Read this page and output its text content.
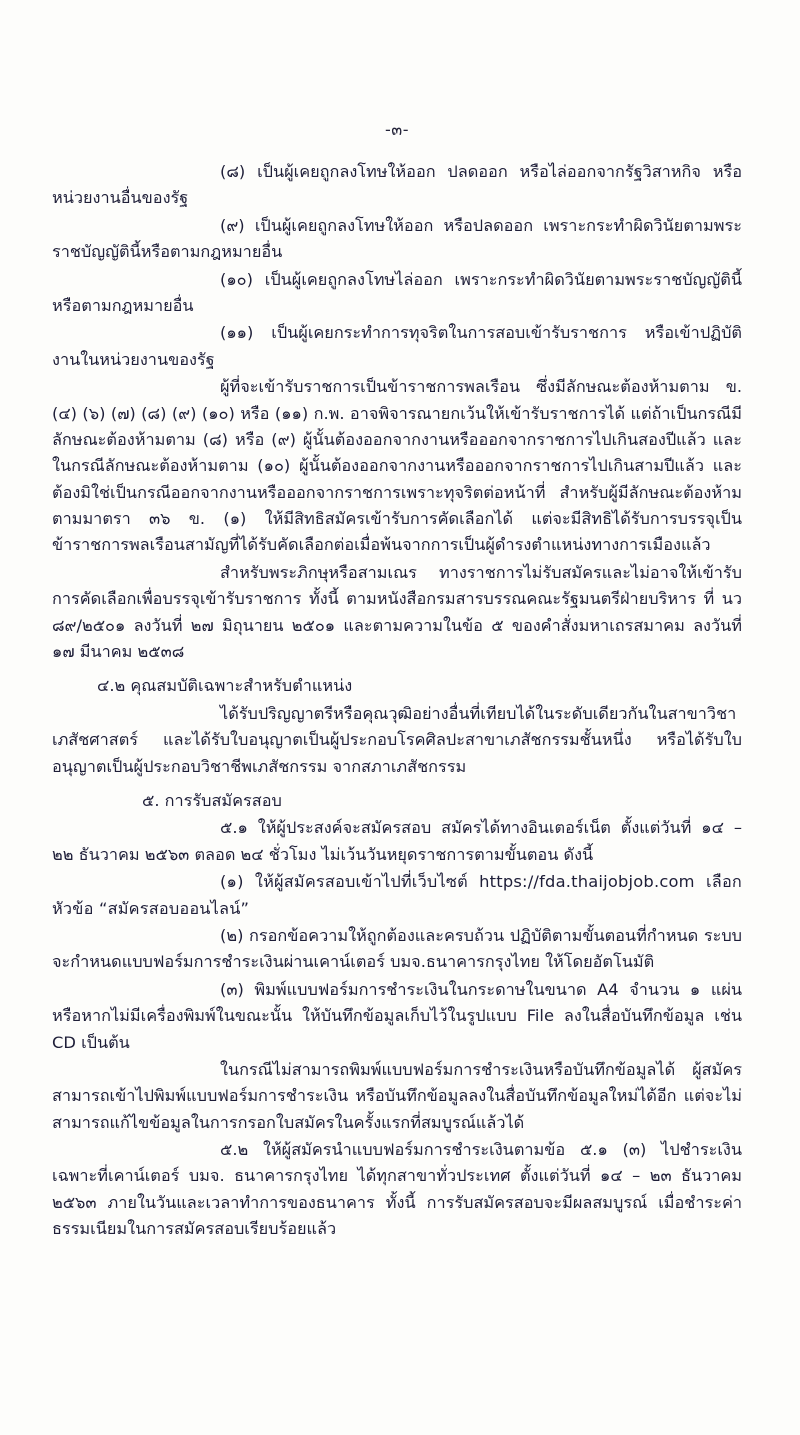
-๓-

(๘) เป็นผู้เคยถูกลงโทษให้ออก ปลดออก หรือไล่ออกจากรัฐวิสาหกิจ หรือหน่วยงานอื่นของรัฐ

(๙) เป็นผู้เคยถูกลงโทษให้ออก หรือปลดออก เพราะกระทำผิดวินัยตามพระราชบัญญัตินี้หรือตามกฎหมายอื่น

(๑๐) เป็นผู้เคยถูกลงโทษไล่ออก เพราะกระทำผิดวินัยตามพระราชบัญญัตินี้หรือตามกฎหมายอื่น

(๑๑) เป็นผู้เคยกระทำการทุจริตในการสอบเข้ารับราชการ หรือเข้าปฏิบัติงานในหน่วยงานของรัฐ

ผู้ที่จะเข้ารับราชการเป็นข้าราชการพลเรือน ซึ่งมีลักษณะต้องห้ามตาม ข. (๔) (๖) (๗) (๘) (๙) (๑๐) หรือ (๑๑) ก.พ. อาจพิจารณายกเว้นให้เข้ารับราชการได้ แต่ถ้าเป็นกรณีมีลักษณะต้องห้ามตาม (๘) หรือ (๙) ผู้นั้นต้องออกจากงานหรือออกจากราชการไปเกินสองปีแล้ว และในกรณีลักษณะต้องห้ามตาม (๑๐) ผู้นั้นต้องออกจากงานหรือออกจากราชการไปเกินสามปีแล้ว และต้องมิใช่เป็นกรณีออกจากงานหรือออกจากราชการเพราะทุจริตต่อหน้าที่ สำหรับผู้มีลักษณะต้องห้ามตามมาตรา ๓๖ ข. (๑) ให้มีสิทธิสมัครเข้ารับการคัดเลือกได้ แต่จะมีสิทธิได้รับการบรรจุเป็นข้าราชการพลเรือนสามัญที่ได้รับคัดเลือกต่อเมื่อพ้นจากการเป็นผู้ดำรงตำแหน่งทางการเมืองแล้ว

สำหรับพระภิกษุหรือสามเณร ทางราชการไม่รับสมัครและไม่อาจให้เข้ารับการคัดเลือกเพื่อบรรจุเข้ารับราชการ ทั้งนี้ ตามหนังสือกรมสารบรรณคณะรัฐมนตรีฝ่ายบริหาร ที่ นว ๘๙/๒๕๐๑ ลงวันที่ ๒๗ มิถุนายน ๒๕๐๑ และตามความในข้อ ๕ ของคำสั่งมหาเถรสมาคม ลงวันที่ ๑๗ มีนาคม ๒๕๓๘

๔.๒ คุณสมบัติเฉพาะสำหรับตำแหน่ง

ได้รับปริญญาตรีหรือคุณวุฒิอย่างอื่นที่เทียบได้ในระดับเดียวกันในสาขาวิชาเภสัชศาสตร์ และได้รับใบอนุญาตเป็นผู้ประกอบโรคศิลปะสาขาเภสัชกรรมชั้นหนึ่ง หรือได้รับใบอนุญาตเป็นผู้ประกอบวิชาชีพเภสัชกรรม จากสภาเภสัชกรรม

๕. การรับสมัครสอบ

๕.๑ ให้ผู้ประสงค์จะสมัครสอบ สมัครได้ทางอินเตอร์เน็ต ตั้งแต่วันที่ ๑๔ – ๒๒ ธันวาคม ๒๕๖๓ ตลอด ๒๔ ชั่วโมง ไม่เว้นวันหยุดราชการตามขั้นตอน ดังนี้

(๑) ให้ผู้สมัครสอบเข้าไปที่เว็บไซต์ https://fda.thaijobjob.com เลือกหัวข้อ “สมัครสอบออนไลน์”

(๒) กรอกข้อความให้ถูกต้องและครบถ้วน ปฏิบัติตามขั้นตอนที่กำหนด ระบบจะกำหนดแบบฟอร์มการชำระเงินผ่านเคาน์เตอร์ บมจ.ธนาคารกรุงไทย ให้โดยอัตโนมัติ

(๓) พิมพ์แบบฟอร์มการชำระเงินในกระดาษในขนาด A4 จำนวน ๑ แผ่นหรือหากไม่มีเครื่องพิมพ์ในขณะนั้น ให้บันทึกข้อมูลเก็บไว้ในรูปแบบ File ลงในสื่อบันทึกข้อมูล เช่น CD เป็นต้น

ในกรณีไม่สามารถพิมพ์แบบฟอร์มการชำระเงินหรือบันทึกข้อมูลได้ ผู้สมัครสามารถเข้าไปพิมพ์แบบฟอร์มการชำระเงิน หรือบันทึกข้อมูลลงในสื่อบันทึกข้อมูลใหม่ได้อีก แต่จะไม่สามารถแก้ไขข้อมูลในการกรอกใบสมัครในครั้งแรกที่สมบูรณ์แล้วได้

๕.๒ ให้ผู้สมัครนำแบบฟอร์มการชำระเงินตามข้อ ๕.๑ (๓) ไปชำระเงินเฉพาะที่เคาน์เตอร์ บมจ. ธนาคารกรุงไทย ได้ทุกสาขาทั่วประเทศ ตั้งแต่วันที่ ๑๔ – ๒๓ ธันวาคม ๒๕๖๓ ภายในวันและเวลาทำการของธนาคาร ทั้งนี้ การรับสมัครสอบจะมีผลสมบูรณ์ เมื่อชำระค่าธรรมเนียมในการสมัครสอบเรียบร้อยแล้ว
